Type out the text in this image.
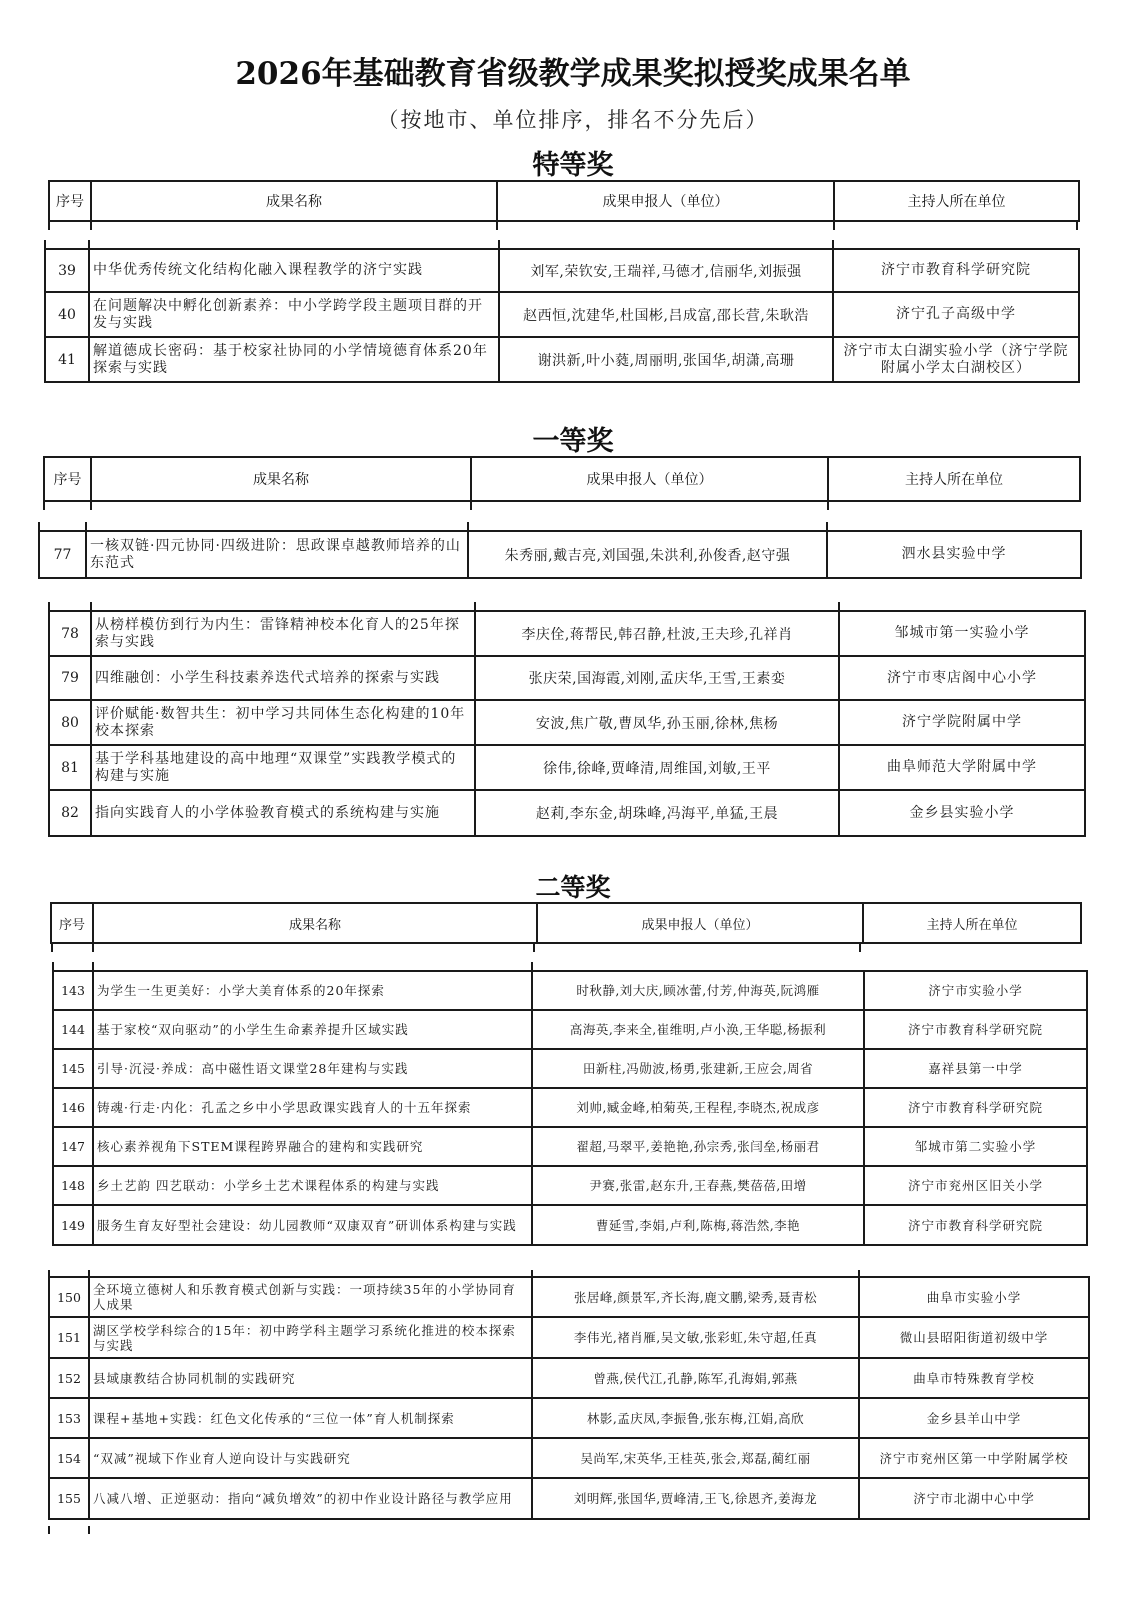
2026年基础教育省级教学成果奖拟授奖成果名单
（按地市、单位排序，排名不分先后）
特等奖
序号	成果名称	成果申报人（单位）	主持人所在单位
39	中华优秀传统文化结构化融入课程教学的济宁实践	刘军,荣钦安,王瑞祥,马德才,信丽华,刘振强	济宁市教育科学研究院
40	在问题解决中孵化创新素养：中小学跨学段主题项目群的开发与实践	赵西恒,沈建华,杜国彬,吕成富,邵长营,朱耿浩	济宁孔子高级中学
41	解道德成长密码：基于校家社协同的小学情境德育体系20年探索与实践	谢洪新,叶小蕤,周丽明,张国华,胡潇,高珊	济宁市太白湖实验小学（济宁学院附属小学太白湖校区）
一等奖
序号	成果名称	成果申报人（单位）	主持人所在单位
77	一核双链·四元协同·四级进阶：思政课卓越教师培养的山东范式	朱秀丽,戴吉亮,刘国强,朱洪利,孙俊香,赵守强	泗水县实验中学
78	从榜样模仿到行为内生：雷锋精神校本化育人的25年探索与实践	李庆佺,蒋帮民,韩召静,杜波,王夫珍,孔祥肖	邹城市第一实验小学
79	四维融创：小学生科技素养迭代式培养的探索与实践	张庆荣,国海霞,刘刚,孟庆华,王雪,王素娈	济宁市枣店阁中心小学
80	评价赋能·数智共生：初中学习共同体生态化构建的10年校本探索	安波,焦广敬,曹凤华,孙玉丽,徐林,焦杨	济宁学院附属中学
81	基于学科基地建设的高中地理“双课堂”实践教学模式的构建与实施	徐伟,徐峰,贾峰清,周维国,刘敏,王平	曲阜师范大学附属中学
82	指向实践育人的小学体验教育模式的系统构建与实施	赵莉,李东金,胡珠峰,冯海平,单猛,王晨	金乡县实验小学
二等奖
序号	成果名称	成果申报人（单位）	主持人所在单位
143	为学生一生更美好：小学大美育体系的20年探索	时秋静,刘大庆,顾冰蕾,付芳,仲海英,阮鸿雁	济宁市实验小学
144	基于家校“双向驱动”的小学生生命素养提升区域实践	高海英,李来全,崔维明,卢小涣,王华聪,杨振利	济宁市教育科学研究院
145	引导·沉浸·养成：高中磁性语文课堂28年建构与实践	田新柱,冯勋波,杨勇,张建新,王应会,周省	嘉祥县第一中学
146	铸魂·行走·内化：孔孟之乡中小学思政课实践育人的十五年探索	刘帅,臧金峰,柏菊英,王程程,李晓杰,祝成彦	济宁市教育科学研究院
147	核心素养视角下STEM课程跨界融合的建构和实践研究	翟超,马翠平,姜艳艳,孙宗秀,张闫垒,杨丽君	邹城市第二实验小学
148	乡土艺韵 四艺联动：小学乡土艺术课程体系的构建与实践	尹赛,张雷,赵东升,王春燕,樊蓓蓓,田增	济宁市兖州区旧关小学
149	服务生育友好型社会建设：幼儿园教师“双康双育”研训体系构建与实践	曹延雪,李娟,卢利,陈梅,蒋浩然,李艳	济宁市教育科学研究院
150	全环境立德树人和乐教育模式创新与实践：一项持续35年的小学协同育人成果	张居峰,颜景军,齐长海,鹿文鹏,梁秀,聂青松	曲阜市实验小学
151	湖区学校学科综合的15年：初中跨学科主题学习系统化推进的校本探索与实践	李伟光,褚肖雁,吴文敏,张彩虹,朱守超,任真	微山县昭阳街道初级中学
152	县域康教结合协同机制的实践研究	曾燕,侯代江,孔静,陈军,孔海娟,郭燕	曲阜市特殊教育学校
153	课程+基地+实践：红色文化传承的“三位一体”育人机制探索	林影,孟庆凤,李振鲁,张东梅,江娟,高欣	金乡县羊山中学
154	“双减”视域下作业育人逆向设计与实践研究	吴尚军,宋英华,王桂英,张会,郑磊,蔺红丽	济宁市兖州区第一中学附属学校
155	八减八增、正逆驱动：指向“减负增效”的初中作业设计路径与教学应用	刘明辉,张国华,贾峰清,王飞,徐恩齐,姜海龙	济宁市北湖中心中学
